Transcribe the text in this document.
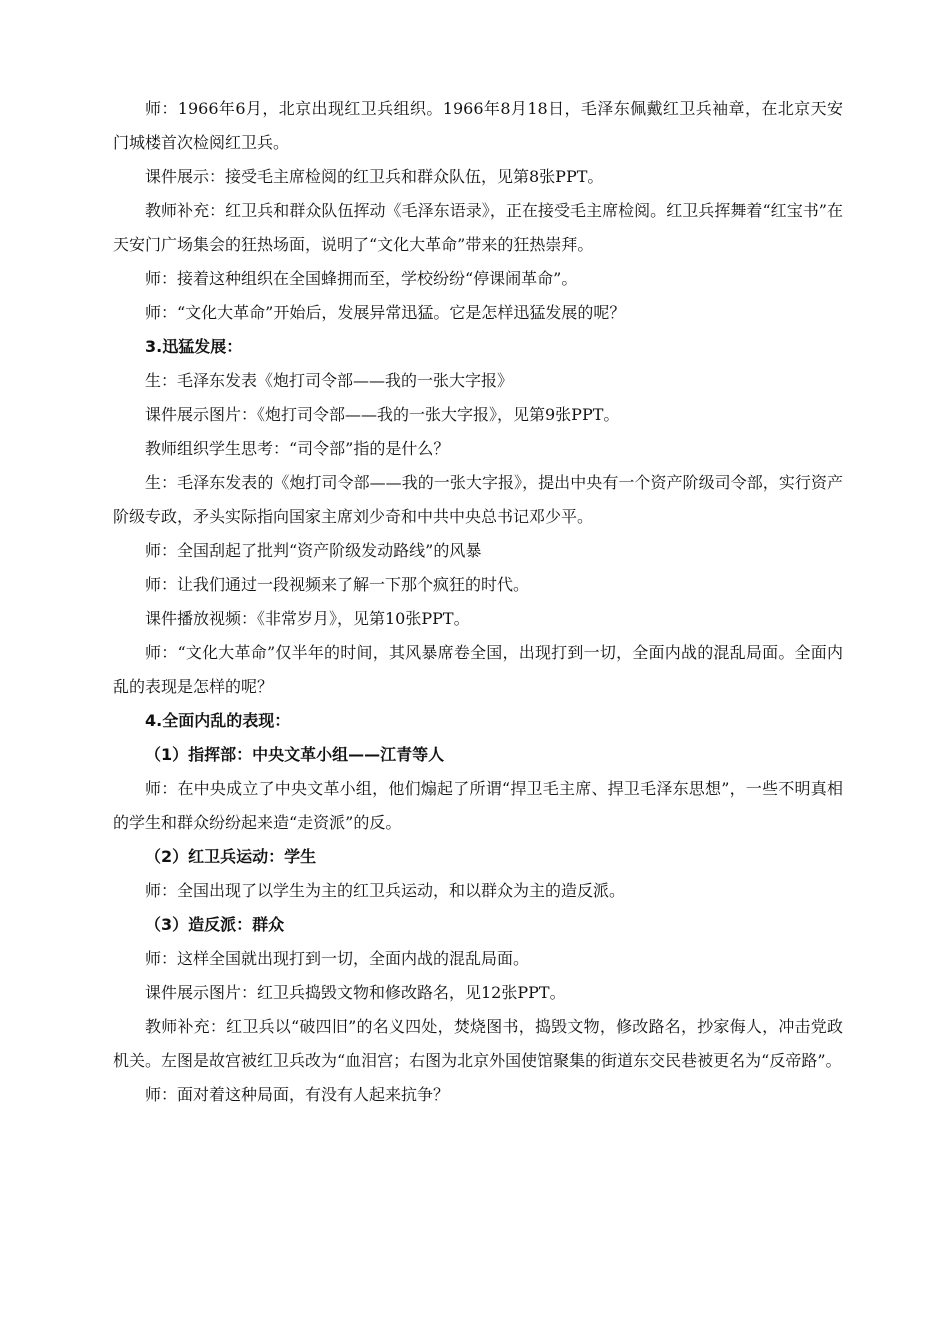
师：1966年6月，北京出现红卫兵组织。1966年8月18日，毛泽东佩戴红卫兵袖章，在北京天安门城楼首次检阅红卫兵。

课件展示：接受毛主席检阅的红卫兵和群众队伍，见第8张PPT。

教师补充：红卫兵和群众队伍挥动《毛泽东语录》，正在接受毛主席检阅。红卫兵挥舞着“红宝书”在天安门广场集会的狂热场面，说明了“文化大革命”带来的狂热崇拜。

师：接着这种组织在全国蜂拥而至，学校纷纷“停课闹革命”。

师：“文化大革命”开始后，发展异常迅猛。它是怎样迅猛发展的呢？

3.迅猛发展：

生：毛泽东发表《炮打司令部——我的一张大字报》

课件展示图片：《炮打司令部——我的一张大字报》，见第9张PPT。

教师组织学生思考：“司令部”指的是什么？

生：毛泽东发表的《炮打司令部——我的一张大字报》，提出中央有一个资产阶级司令部，实行资产阶级专政，矛头实际指向国家主席刘少奇和中共中央总书记邓少平。

师：全国刮起了批判“资产阶级发动路线”的风暴

师：让我们通过一段视频来了解一下那个疯狂的时代。

课件播放视频：《非常岁月》，见第10张PPT。

师：“文化大革命”仅半年的时间，其风暴席卷全国，出现打到一切，全面内战的混乱局面。全面内乱的表现是怎样的呢？

4.全面内乱的表现：

（1）指挥部：中央文革小组——江青等人

师：在中央成立了中央文革小组，他们煽起了所谓“捍卫毛主席、捍卫毛泽东思想”，一些不明真相的学生和群众纷纷起来造“走资派”的反。

（2）红卫兵运动：学生

师：全国出现了以学生为主的红卫兵运动，和以群众为主的造反派。

（3）造反派：群众

师：这样全国就出现打到一切，全面内战的混乱局面。

课件展示图片：红卫兵捣毁文物和修改路名，见12张PPT。

教师补充：红卫兵以“破四旧”的名义四处，焚烧图书，捣毁文物，修改路名，抄家侮人，冲击党政机关。左图是故宫被红卫兵改为“血泪宫；右图为北京外国使馆聚集的街道东交民巷被更名为“反帝路”。

师：面对着这种局面，有没有人起来抗争？
